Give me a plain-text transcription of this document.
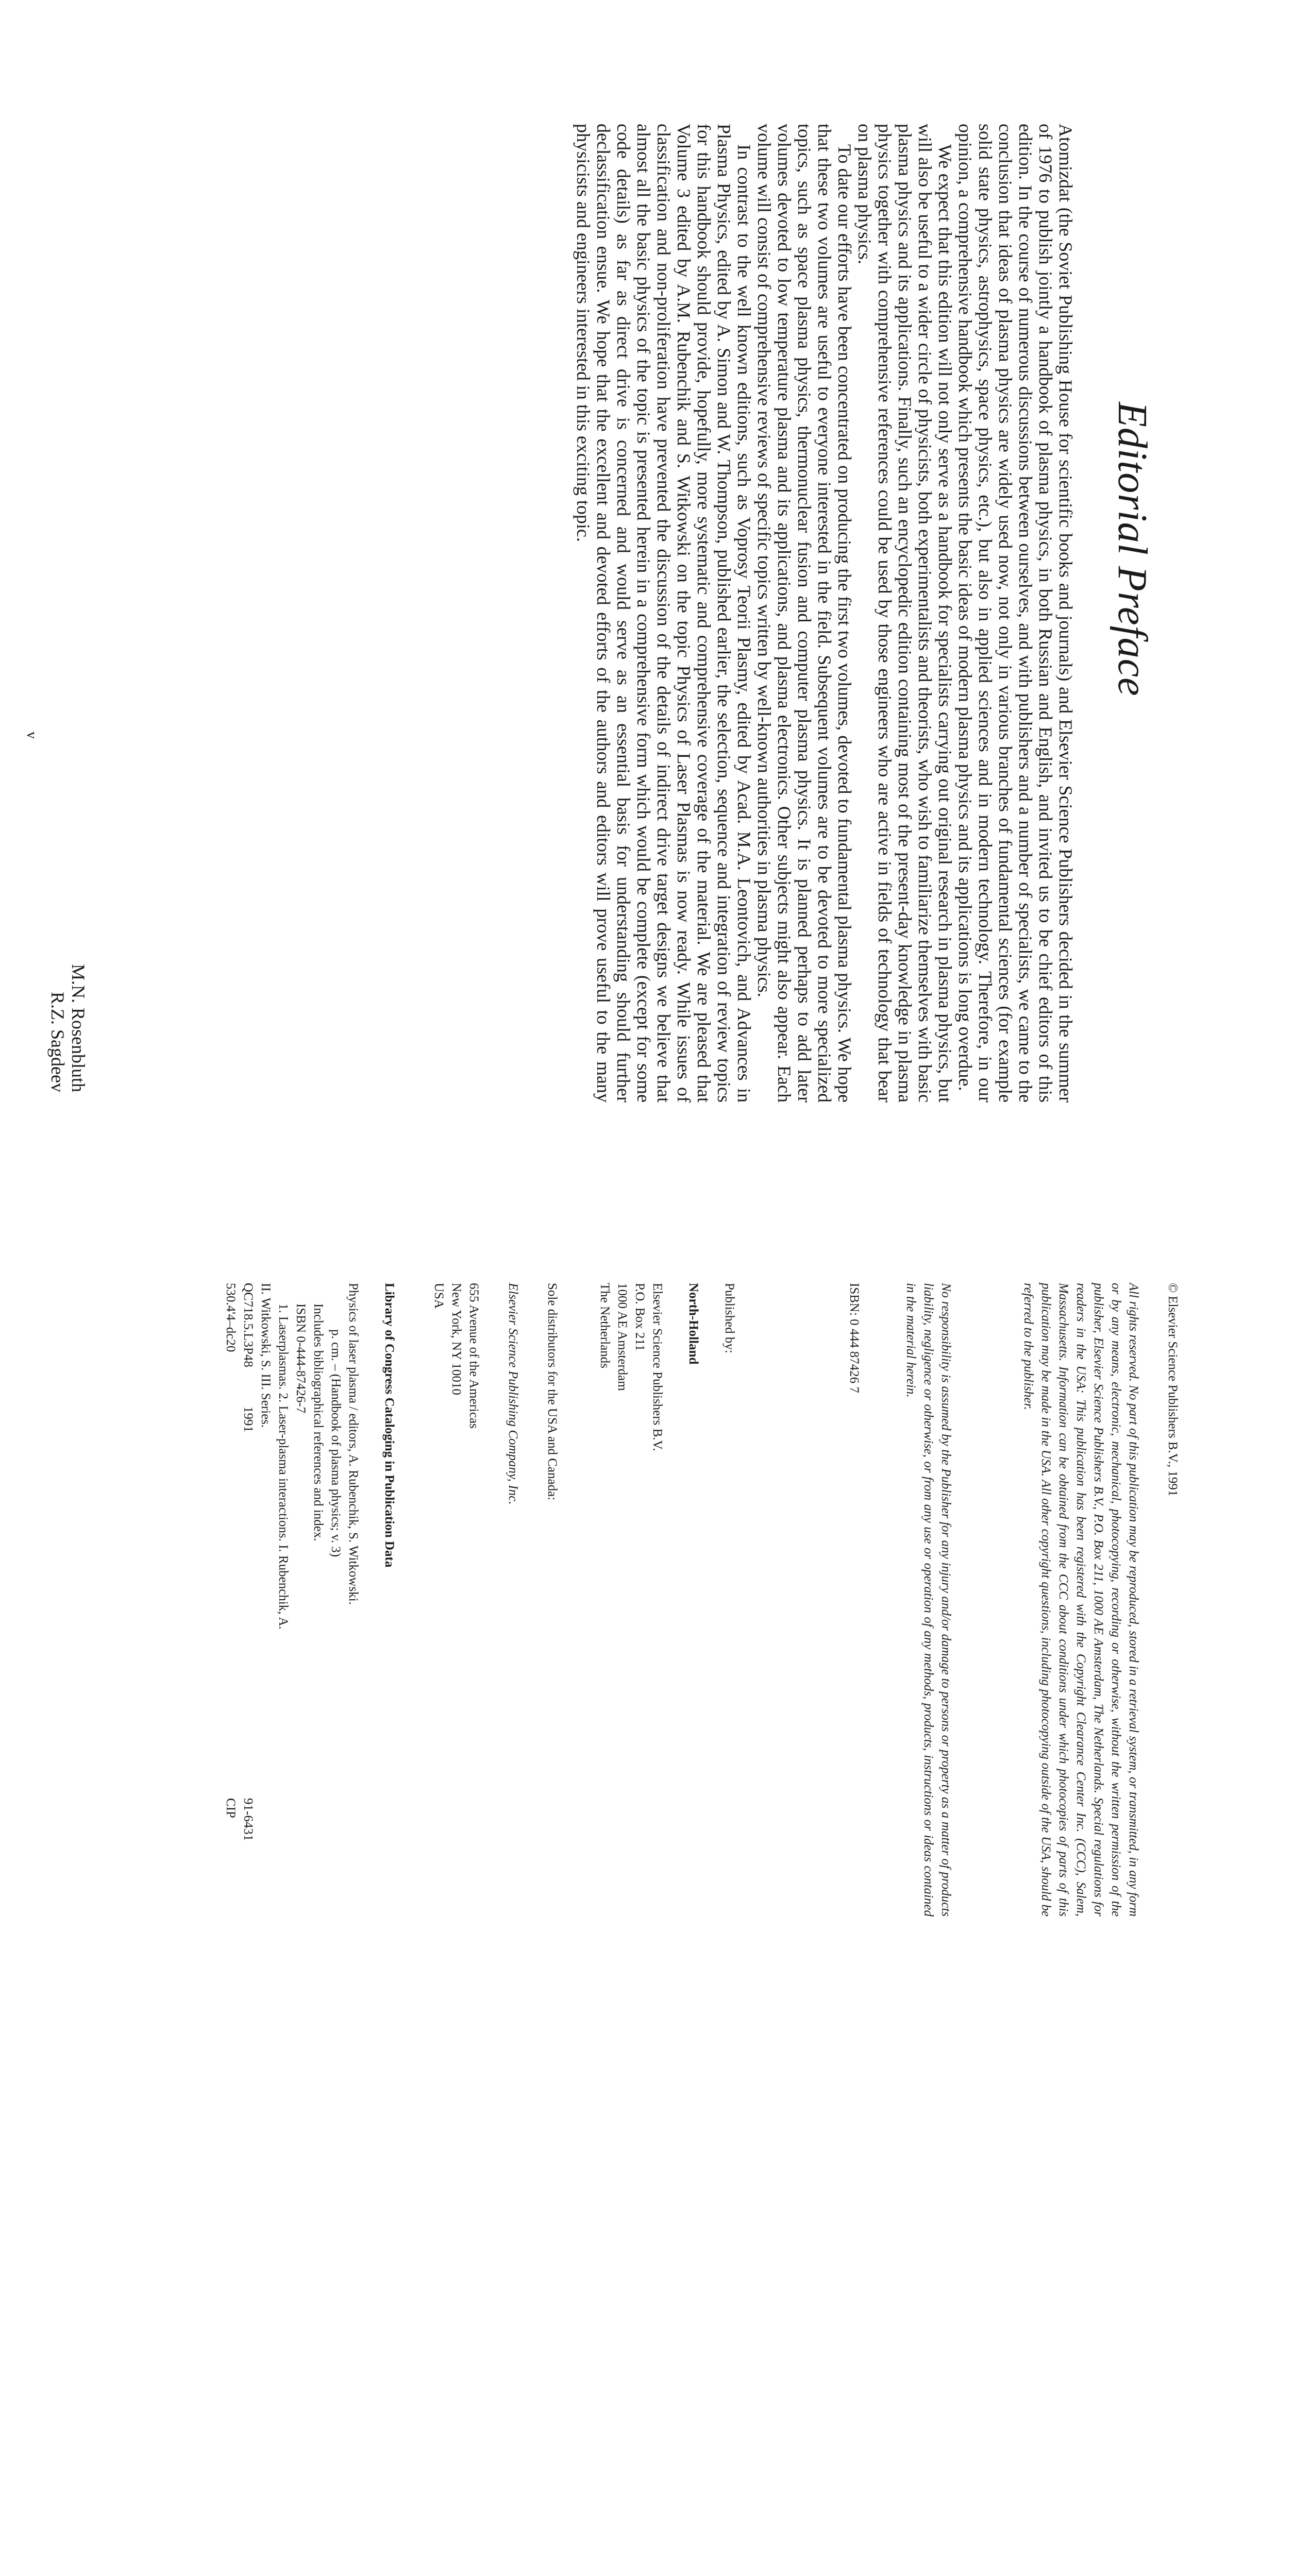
Editorial Preface

Atomizdat (the Soviet Publishing House for scientific books and journals) and Elsevier Science Publishers decided in the summer of 1976 to publish jointly a handbook of plasma physics, in both Russian and English, and invited us to be chief editors of this edition. In the course of numerous discussions between ourselves, and with publishers and a number of specialists, we came to the conclusion that ideas of plasma physics are widely used now, not only in various branches of fundamental sciences (for example solid state physics, astrophysics, space physics, etc.), but also in applied sciences and in modern technology. Therefore, in our opinion, a comprehensive handbook which presents the basic ideas of modern plasma physics and its applications is long overdue.

We expect that this edition will not only serve as a handbook for specialists carrying out original research in plasma physics, but will also be useful to a wider circle of physicists, both experimentalists and theorists, who wish to familiarize themselves with basic plasma physics and its applications. Finally, such an encyclopedic edition containing most of the present-day knowledge in plasma physics together with comprehensive references could be used by those engineers who are active in fields of technology that bear on plasma physics.

To date our efforts have been concentrated on producing the first two volumes, devoted to fundamental plasma physics. We hope that these two volumes are useful to everyone interested in the field. Subsequent volumes are to be devoted to more specialized topics, such as space plasma physics, thermonuclear fusion and computer plasma physics. It is planned perhaps to add later volumes devoted to low temperature plasma and its applications, and plasma electronics. Other subjects might also appear. Each volume will consist of comprehensive reviews of specific topics written by well-known authorities in plasma physics.

In contrast to the well known editions, such as Voprosy Teorii Plasmy, edited by Acad. M.A. Leontovich, and Advances in Plasma Physics, edited by A. Simon and W. Thompson, published earlier, the selection, sequence and integration of review topics for this handbook should provide, hopefully, more systematic and comprehensive coverage of the material. We are pleased that Volume 3 edited by A.M. Rubenchik and S. Witkowski on the topic Physics of Laser Plasmas is now ready. While issues of classification and non-proliferation have prevented the discussion of the details of indirect drive target designs we believe that almost all the basic physics of the topic is presented herein in a comprehensive form which would be complete (except for some code details) as far as direct drive is concerned and would serve as an essential basis for understanding should further declassification ensue. We hope that the excellent and devoted efforts of the authors and editors will prove useful to the many physicists and engineers interested in this exciting topic.

M.N. Rosenbluth
R.Z. Sagdeev
v

© Elsevier Science Publishers B.V., 1991

All rights reserved. No part of this publication may be reproduced, stored in a retrieval system, or transmitted, in any form or by any means, electronic, mechanical, photocopying, recording or otherwise, without the written permission of the publisher, Elsevier Science Publishers B.V., P.O. Box 211, 1000 AE Amsterdam, The Netherlands. Special regulations for readers in the USA: This publication has been registered with the Copyright Clearance Center Inc. (CCC), Salem, Massachusetts. Information can be obtained from the CCC about conditions under which photocopies of parts of this publication may be made in the USA. All other copyright questions, including photocopying outside of the USA, should be referred to the publisher.

No responsibility is assumed by the Publisher for any injury and/or damage to persons or property as a matter of products liability, negligence or otherwise, or from any use or operation of any methods, products, instructions or ideas contained in the material herein.

ISBN: 0 444 87426 7

Published by:

North-Holland

Elsevier Science Publishers B.V.
P.O. Box 211
1000 AE Amsterdam
The Netherlands

Sole distributors for the USA and Canada:

Elsevier Science Publishing Company, Inc.

655 Avenue of the Americas
New York, NY 10010
USA

Library of Congress Cataloging in Publication Data

Physics of laser plasma / editors, A. Rubenchik, S. Witkowski.
p. cm. – (Handbook of plasma physics; v. 3)
Includes bibliographical references and index.
ISBN 0-444-87426-7
1. Laserplasmas. 2. Laser-plasma interactions. I. Rubenchik, A.
II. Witkowski, S. III. Series.
QC718.5.L3P48
1991
91-6431
530.4'4–dc20
CIP
